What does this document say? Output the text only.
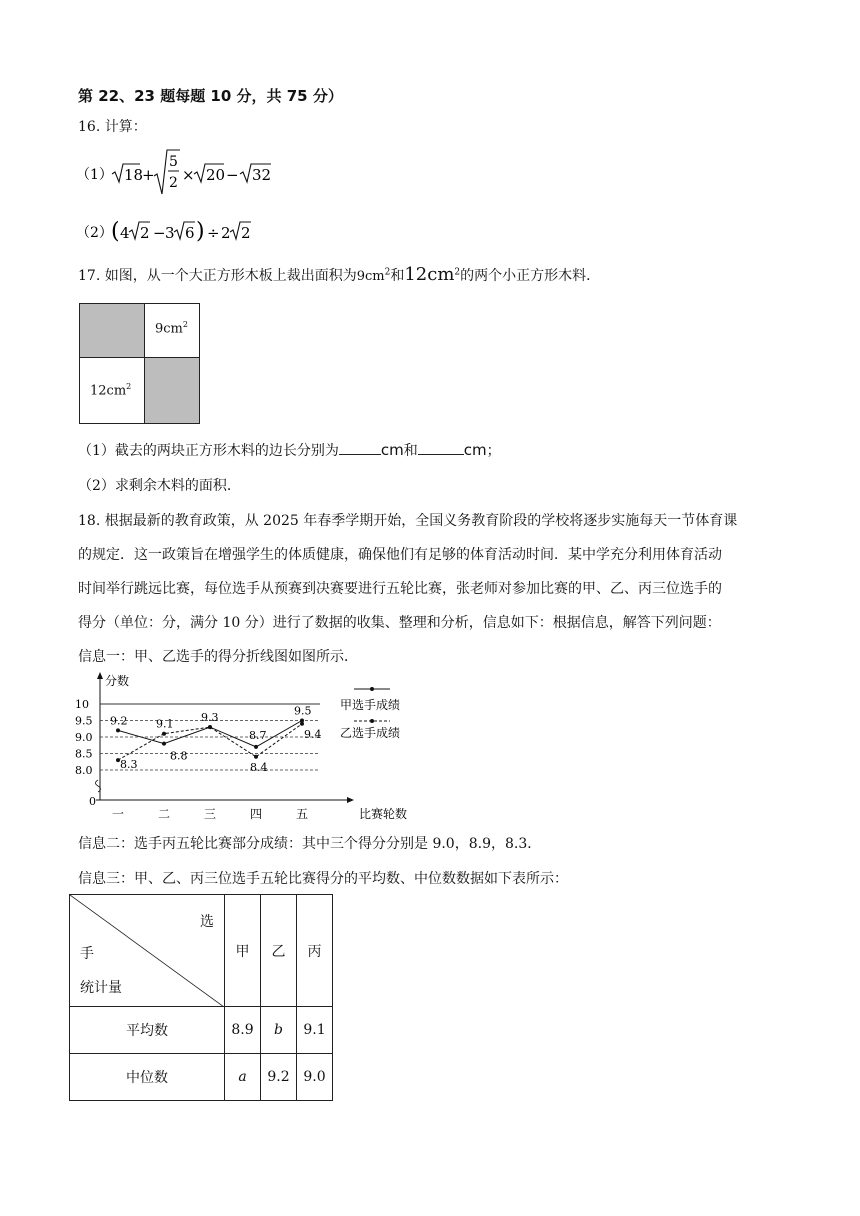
第 22、23 题每题 10 分，共 75 分）
16. 计算：
（1） 18
+
5
2 × 20 − 32
（2）
( 4 2 − 3 6 ) ÷ 2 2
17. 如图，从一个大正方形木板上裁出面积为$9cm^2$和$12cm^2$的两个小正方形木料．
$9cm^2$
$12cm^2$
（1）截去的两块正方形木料的边长分别为	cm和	cm；
（2）求剩余木料的面积．
18. 根据最新的教育政策，从 2025 年春季学期开始，全国义务教育阶段的学校将逐步实施每天一节体育课
的规定．这一政策旨在增强学生的体质健康，确保他们有足够的体育活动时间．某中学充分利用体育活动
时间举行跳远比赛，每位选手从预赛到决赛要进行五轮比赛，张老师对参加比赛的甲、乙、丙三位选手的
得分（单位：分，满分 10 分）进行了数据的收集、整理和分析，信息如下：根据信息，解答下列问题：
信息一：甲、乙选手的得分折线图如图所示．
分数
比赛轮数
0
8.0
8.5
9.0
9.5
10
一	二	三	四	五
9.2
8.8
9.3
8.7
9.5
8.3
9.1
8.4
9.4
甲选手成绩
乙选手成绩
信息二：选手丙五轮比赛部分成绩：其中三个得分分别是 9.0，8.9，8.3．
信息三：甲、乙、丙三位选手五轮比赛得分的平均数、中位数数据如下表所示：
选
手
统计量	甲	乙	丙
平均数	8.9	b	9.1
中位数	a	9.2	9.0
